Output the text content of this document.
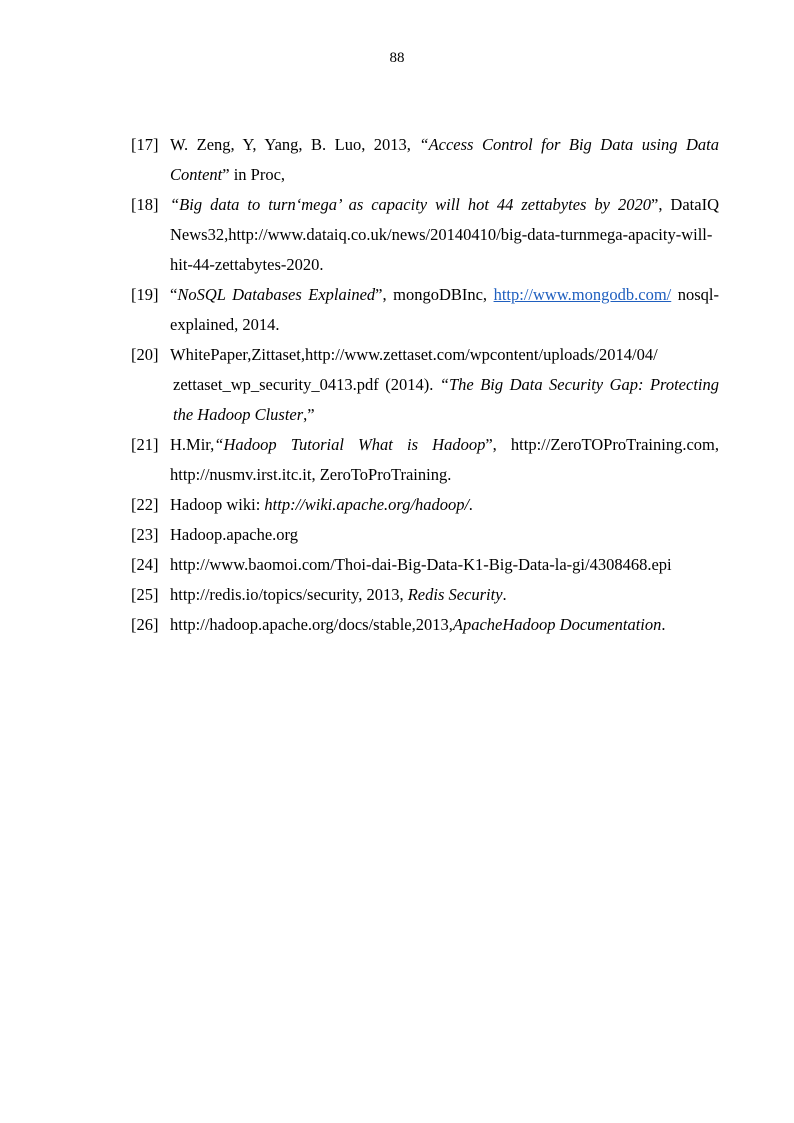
88
[17] W. Zeng, Y, Yang, B. Luo, 2013, “Access Control for Big Data using Data Content” in Proc,
[18] “Big data to turn‘mega’ as capacity will hot 44 zettabytes by 2020”, DataIQ News32,http://www.dataiq.co.uk/news/20140410/big-data-turnmega-apacity-will-hit-44-zettabytes-2020.
[19] “NoSQL Databases Explained”, mongoDBInc, http://www.mongodb.com/ nosql-explained, 2014.
[20] WhitePaper,Zittaset,http://www.zettaset.com/wpcontent/uploads/2014/04/
zettaset_wp_security_0413.pdf (2014). “The Big Data Security Gap: Protecting the Hadoop Cluster,”
[21] H.Mir,“Hadoop Tutorial What is Hadoop”, http://ZeroTOProTraining.com, http://nusmv.irst.itc.it, ZeroToProTraining.
[22] Hadoop wiki: http://wiki.apache.org/hadoop/.
[23] Hadoop.apache.org
[24] http://www.baomoi.com/Thoi-dai-Big-Data-K1-Big-Data-la-gi/4308468.epi
[25] http://redis.io/topics/security, 2013, Redis Security.
[26] http://hadoop.apache.org/docs/stable,2013,ApacheHadoop Documentation.
